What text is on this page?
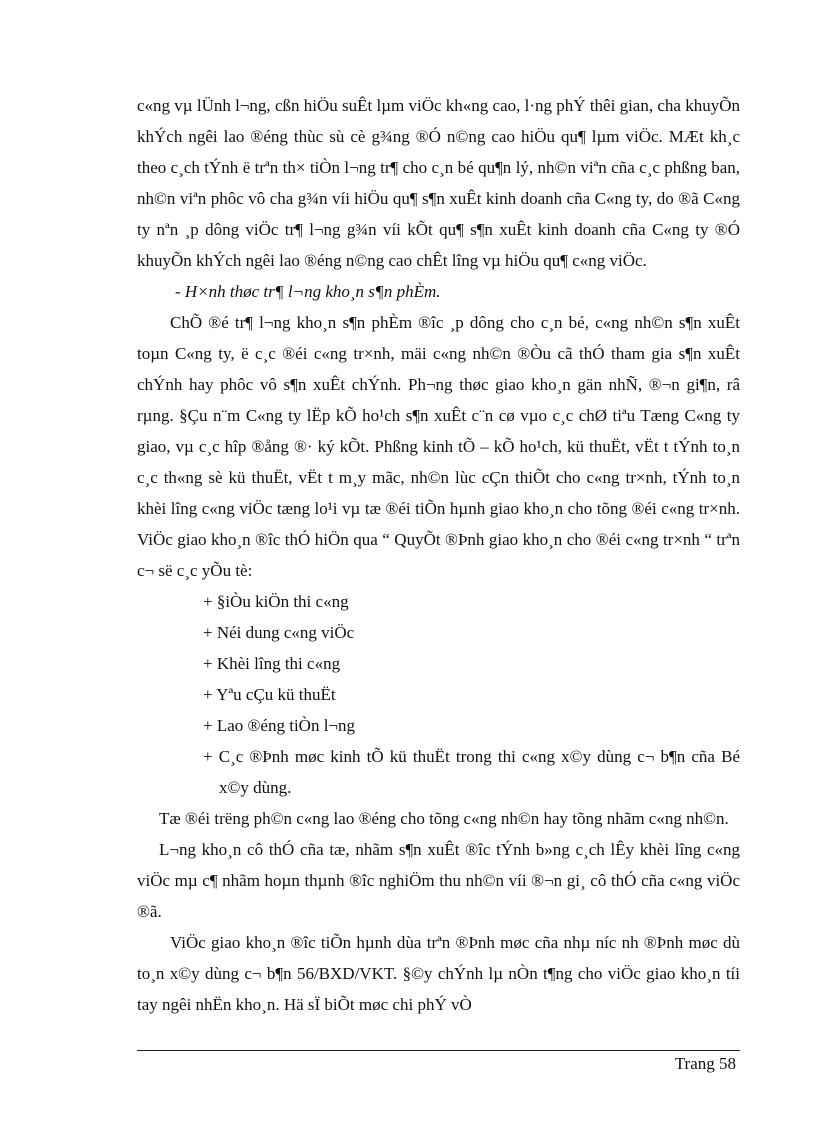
c«ng vµ lÜnh l¬ng, cßn hiÖu suÊt lµm viÖc kh«ng cao, l·ng phÝ thêi gian, cha khuyÕn khÝch ngêi lao ®éng thùc sù cè g¾ng ®Ó n©ng cao hiÖu qu¶ lµm viÖc. MÆt kh¸c theo c¸ch tÝnh ë trªn th× tiÒn l¬ng tr¶ cho c¸n bé qu¶n lý, nh©n viªn cña c¸c phßng ban, nh©n viªn phôc vô cha g¾n víi hiÖu qu¶ s¶n xuÊt kinh doanh cña C«ng ty, do ®ã C«ng ty nªn ¸p dông viÖc tr¶ l¬ng g¾n víi kÕt qu¶ s¶n xuÊt kinh doanh cña C«ng ty ®Ó khuyÕn khÝch ngêi lao ®éng n©ng cao chÊt lîng vµ hiÖu qu¶ c«ng viÖc.

- H×nh thøc tr¶ l¬ng kho¸n s¶n phÈm.

ChÕ ®é tr¶ l¬ng kho¸n s¶n phÈm ®îc ¸p dông cho c¸n bé, c«ng nh©n s¶n xuÊt toµn C«ng ty, ë c¸c ®éi c«ng tr×nh, mäi c«ng nh©n ®Òu cã thÓ tham gia s¶n xuÊt chÝnh hay phôc vô s¶n xuÊt chÝnh. Ph¬ng thøc giao kho¸n gän nhÑ, ®¬n gi¶n, râ rµng. §Çu n¨m C«ng ty lËp kÕ ho¹ch s¶n xuÊt c¨n cø vµo c¸c chØ tiªu Tæng C«ng ty giao, vµ c¸c hîp ®ång ®· ký kÕt. Phßng kinh tÕ – kÕ ho¹ch, kü thuËt, vËt t tÝnh to¸n c¸c th«ng sè kü thuËt, vËt t m¸y mãc, nh©n lùc cÇn thiÕt cho c«ng tr×nh, tÝnh to¸n khèi lîng c«ng viÖc tæng lo¹i vµ tæ ®éi tiÕn hµnh giao kho¸n cho tõng ®éi c«ng tr×nh. ViÖc giao kho¸n ®îc thÓ hiÖn qua “ QuyÕt ®Þnh giao kho¸n cho ®éi c«ng tr×nh “ trªn c¬ së c¸c yÕu tè:

+ §iÒu kiÖn thi c«ng
+ Néi dung c«ng viÖc
+ Khèi lîng thi c«ng
+ Yªu cÇu kü thuËt
+ Lao ®éng tiÒn l¬ng
+ C¸c ®Þnh møc kinh tÕ kü thuËt trong thi c«ng x©y dùng c¬ b¶n cña Bé x©y dùng.

Tæ ®éi trëng ph©n c«ng lao ®éng cho tõng c«ng nh©n hay tõng nhãm c«ng nh©n.

L¬ng kho¸n cô thÓ cña tæ, nhãm s¶n xuÊt ®îc tÝnh b»ng c¸ch lÊy khèi lîng c«ng viÖc mµ c¶ nhãm hoµn thµnh ®îc nghiÖm thu nh©n víi ®¬n gi¸ cô thÓ cña c«ng viÖc ®ã.

ViÖc giao kho¸n ®îc tiÕn hµnh dùa trªn ®Þnh møc cña nhµ níc nh ®Þnh møc dù to¸n x©y dùng c¬ b¶n 56/BXD/VKT. §©y chÝnh lµ nÒn t¶ng cho viÖc giao kho¸n tíi tay ngêi nhËn kho¸n. Hä sÏ biÕt møc chi phÝ vÒ

Trang 58
